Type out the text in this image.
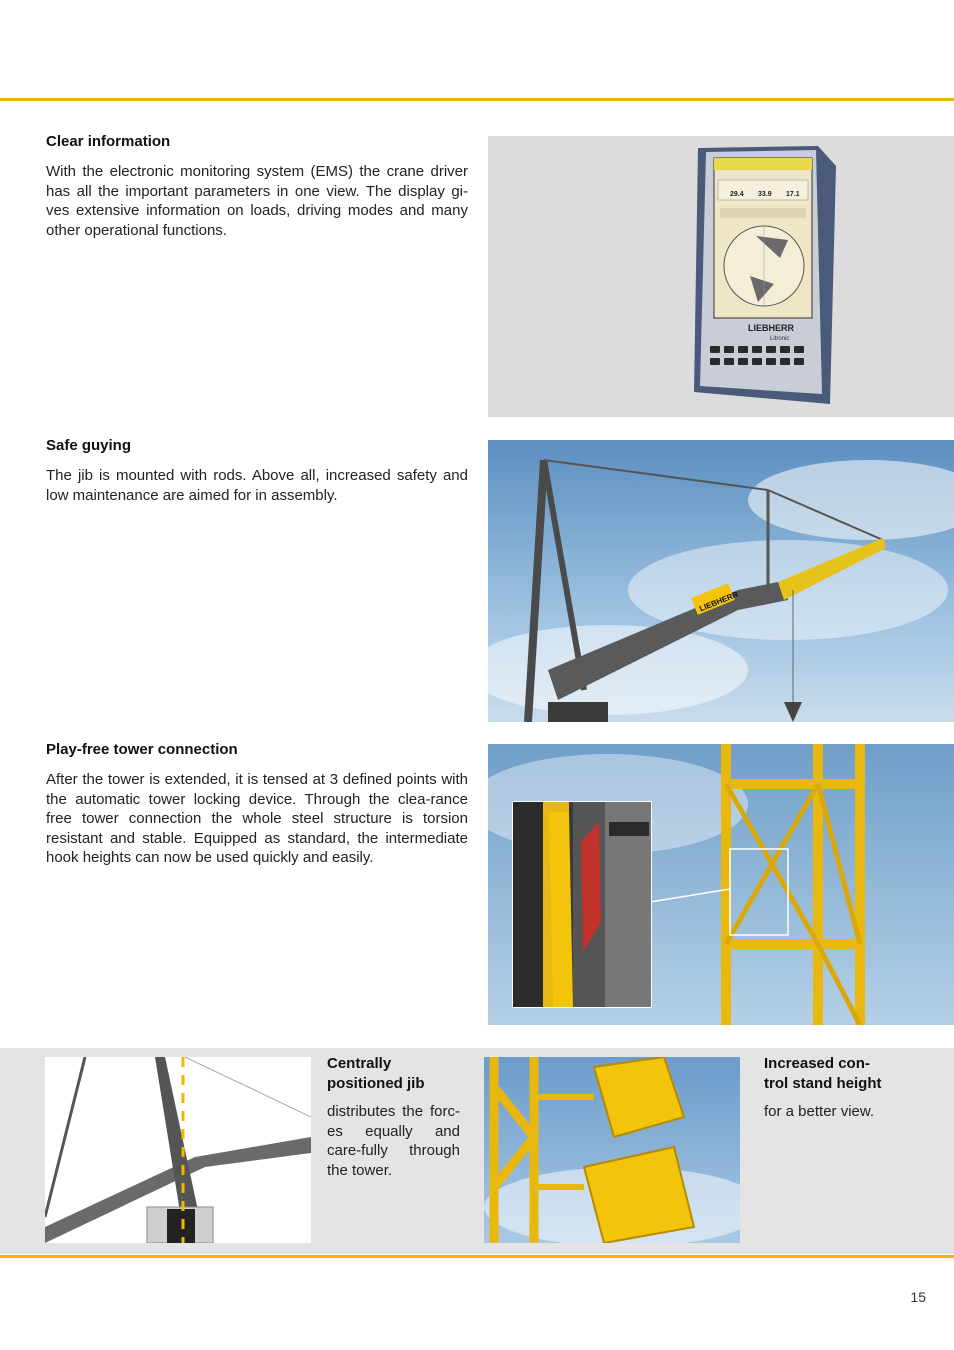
Clear information

With the electronic monitoring system (EMS) the crane driver has all the important parameters in one view. The display gi-ves extensive information on loads, driving modes and many other operational functions.

29.4 33.9 17.1
LIEBHERR
Litronic
Safe guying

The jib is mounted with rods. Above all, increased safety and low maintenance are aimed for in assembly.

LIEBHERR
Play-free tower connection

After the tower is extended, it is tensed at 3 defined points with the automatic tower locking device. Through the clea-rance free tower connection the whole steel structure is torsion resistant and stable. Equipped as standard, the intermediate hook heights can now be used quickly and easily.

Centrally
positioned jib

distributes the forc-es equally and care-fully through the tower.

Increased con-
trol stand height

for a better view.

15
